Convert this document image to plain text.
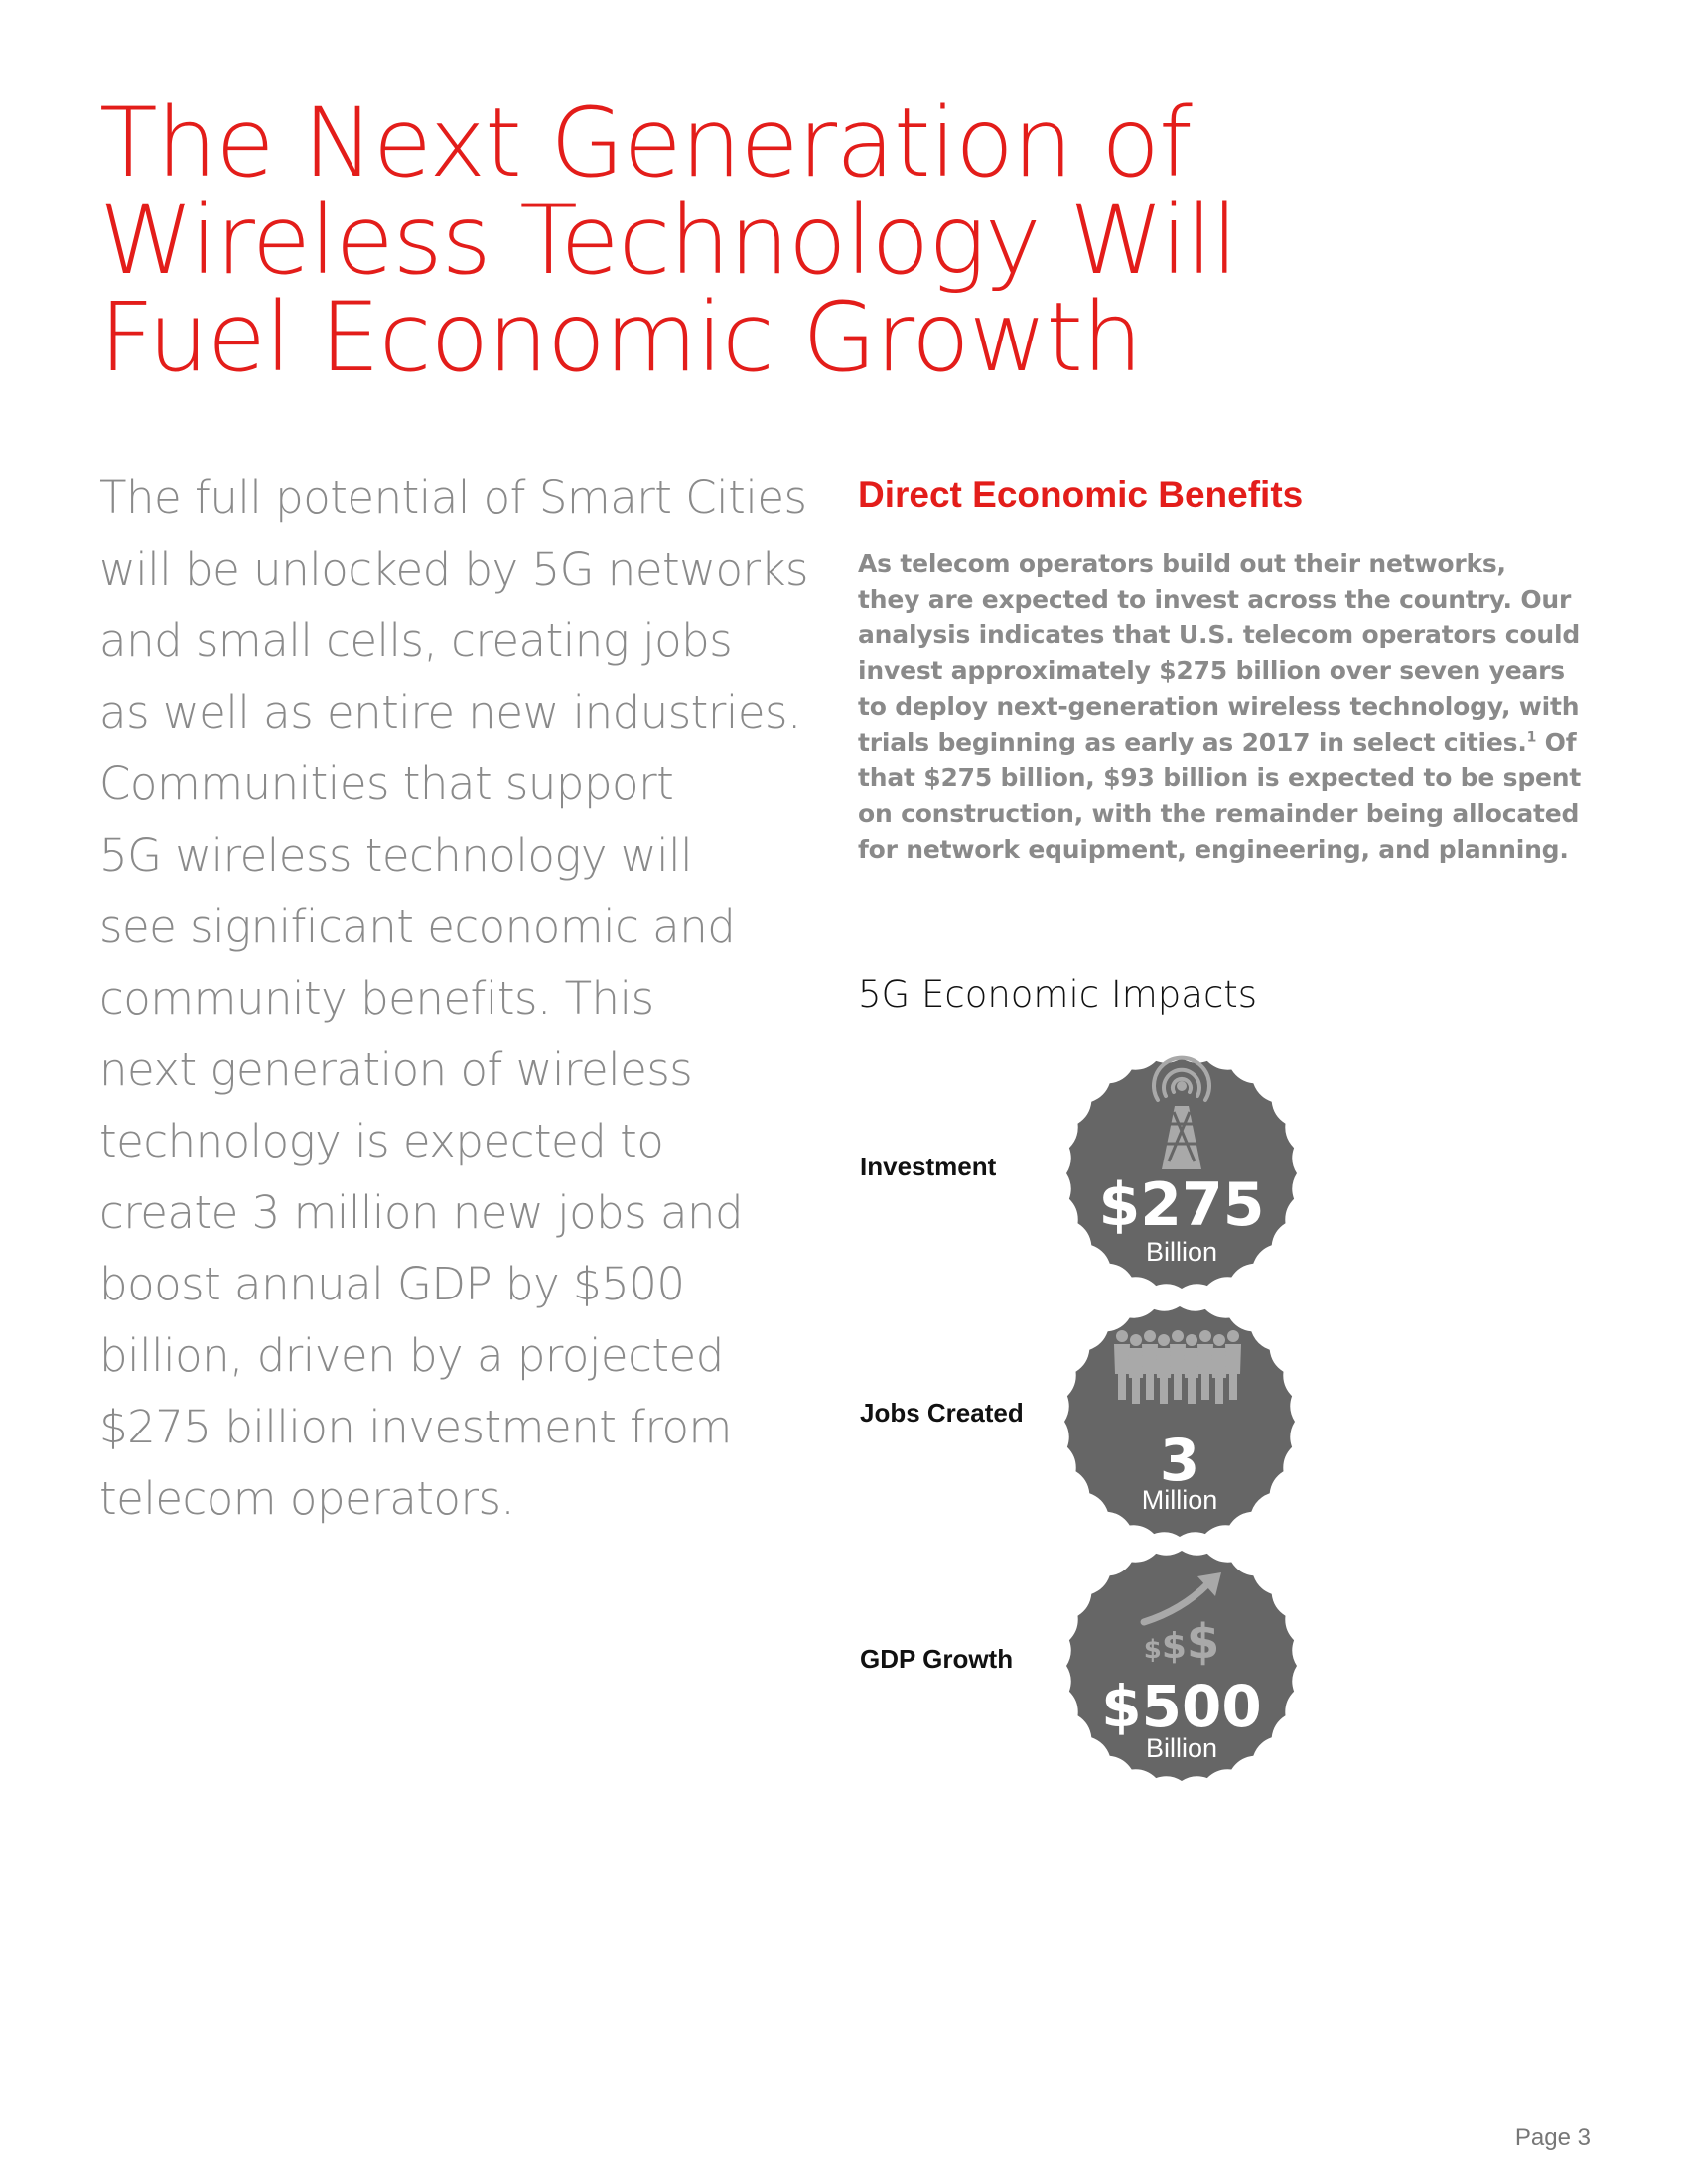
The Next Generation of
Wireless Technology Will
Fuel Economic Growth

The full potential of Smart Cities
will be unlocked by 5G networks
and small cells, creating jobs
as well as entire new industries.
Communities that support
5G wireless technology will
see significant economic and
community benefits. This
next generation of wireless
technology is expected to
create 3 million new jobs and
boost annual GDP by $500
billion, driven by a projected
$275 billion investment from
telecom operators.

Direct Economic Benefits

As telecom operators build out their networks,
they are expected to invest across the country. Our
analysis indicates that U.S. telecom operators could
invest approximately $275 billion over seven years
to deploy next-generation wireless technology, with
trials beginning as early as 2017 in select cities.$^1$ Of
that $275 billion, $93 billion is expected to be spent
on construction, with the remainder being allocated
for network equipment, engineering, and planning.

5G Economic Impacts
Investment
$275
Billion
Jobs Created
3
Million
GDP Growth	$$$
$500
Billion
Page 3
